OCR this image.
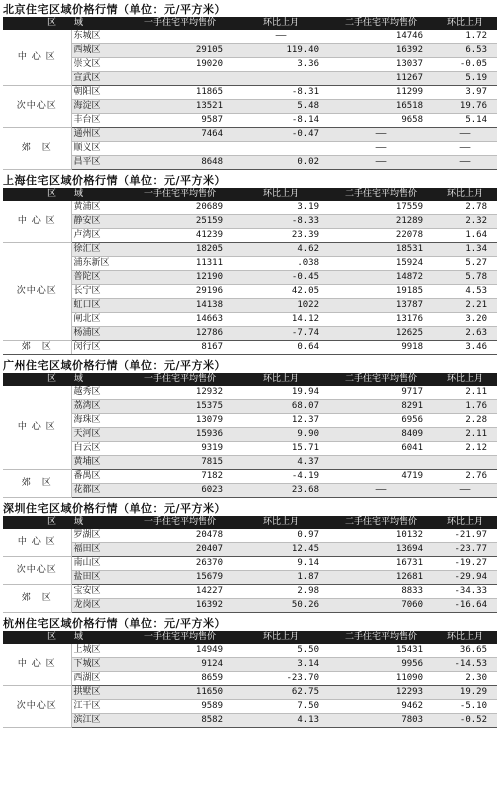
北京住宅区域价格行情（单位：元/平方米）
区　　域		一手住宅平均售价	环比上月	二手住宅平均售价	环比上月
中 心 区	东城区		——	14746	1.72
	西城区	29105	119.40	16392	6.53
	崇文区	19020	3.36	13037	-0.05
	宣武区			11267	5.19
次中心区	朝阳区	11865	-8.31	11299	3.97
	海淀区	13521	5.48	16518	19.76
	丰台区	9587	-8.14	9658	5.14
郊　区	通州区	7464	-0.47	——	——
	顺义区			——	——
	昌平区	8648	0.02	——	——
上海住宅区域价格行情（单位：元/平方米）
区　　域		一手住宅平均售价	环比上月	二手住宅平均售价	环比上月
中 心 区	黄浦区	20689	3.19	17559	2.78
	静安区	25159	-8.33	21289	2.32
	卢湾区	41239	23.39	22078	1.64
次中心区	徐汇区	18205	4.62	18531	1.34
	浦东新区	11311	.038	15924	5.27
	普陀区	12190	-0.45	14872	5.78
	长宁区	29196	42.05	19185	4.53
	虹口区	14138	1022	13787	2.21
	闸北区	14663	14.12	13176	3.20
	杨浦区	12786	-7.74	12625	2.63
郊　区	闵行区	8167	0.64	9918	3.46
广州住宅区域价格行情（单位：元/平方米）
区　　域		一手住宅平均售价	环比上月	二手住宅平均售价	环比上月
中 心 区	越秀区	12932	19.94	9717	2.11
	荔湾区	15375	68.07	8291	1.76
	海珠区	13079	12.37	6956	2.28
	天河区	15936	9.90	8409	2.11
	白云区	9319	15.71	6041	2.12
	黄埔区	7815	4.37		
郊　区	番禺区	7182	-4.19	4719	2.76
	花都区	6023	23.68	——	——
深圳住宅区域价格行情（单位：元/平方米）
区　　域		一手住宅平均售价	环比上月	二手住宅平均售价	环比上月
中 心 区	罗湖区	20478	0.97	10132	-21.97
	福田区	20407	12.45	13694	-23.77
次中心区	南山区	26370	9.14	16731	-19.27
	盐田区	15679	1.87	12681	-29.94
郊　区	宝安区	14227	2.98	8833	-34.33
	龙岗区	16392	50.26	7060	-16.64
杭州住宅区域价格行情（单位：元/平方米）
区　　域		一手住宅平均售价	环比上月	二手住宅平均售价	环比上月
中 心 区	上城区	14949	5.50	15431	36.65
	下城区	9124	3.14	9956	-14.53
	西湖区	8659	-23.70	11090	2.30
次中心区	拱墅区	11650	62.75	12293	19.29
	江干区	9589	7.50	9462	-5.10
	滨江区	8582	4.13	7803	-0.52
